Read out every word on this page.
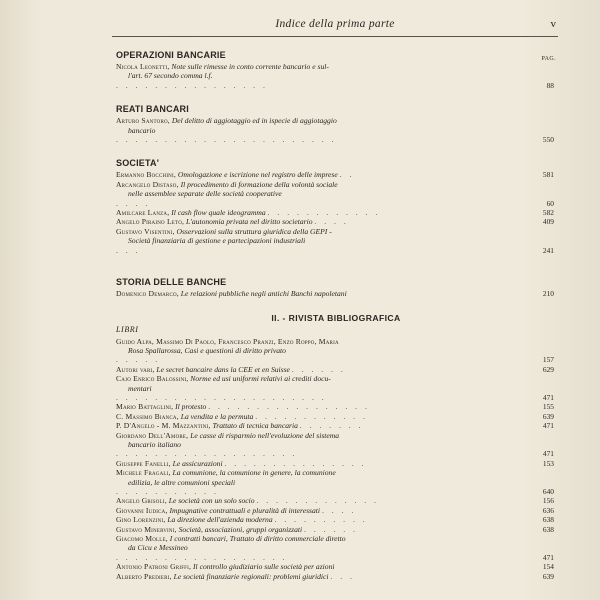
Indice della prima parte	v
OPERAZIONI BANCARIE	PAG.
Nicola Leonetti, Note sulle rimesse in conto corrente bancario e sul-
l'art. 67 secondo comma l.f.
. . . . . . . . . . . . . . . .	88
REATI BANCARI
Arturo Santoro, Del delitto di aggiotaggio ed in ispecie di aggiotaggio
bancario
. . . . . . . . . . . . . . . . . . . . . . .	550
SOCIETA'
Ermanno Bocchini, Omologazione e iscrizione nel registro delle imprese . .	581
Arcangelo Distaso, Il procedimento di formazione della volontà sociale
nelle assemblee separate delle società cooperative
. . . .	60
Amilcare Lanza, Il cash flow quale ideogramma . . . . . . . . . . . .	582
Angelo Piraino Leto, L'autonomia privata nel diritto societario . . . .	409
Gustavo Visentini, Osservazioni sulla struttura giuridica della GEPI -
Società finanziaria di gestione e partecipazioni industriali
. . .	241
STORIA DELLE BANCHE
Domenico Demarco, Le relazioni pubbliche negli antichi Banchi napoletani	210
II. - RIVISTA BIBLIOGRAFICA
LIBRI
Guido Alpa, Massimo Di Paolo, Francesco Pranzi, Enzo Roppo, Maria
Rosa Spallarossa, Casi e questioni di diritto privato
. . . . .	157
Autori vari, Le secret bancaire dans la CEE et en Suisse . . . . . .	629
Cajo Enrico Balossini, Norme ed usi uniformi relativi ai crediti docu-
mentari
. . . . . . . . . . . . . . . . . . . . . .	471
Mario Battaglini, Il protesto . . . . . . . . . . . . . . . . .	155
C. Massimo Bianca, La vendita e la permuta . . . . . . . . . . . .	639
P. D'Angelo - M. Mazzantini, Trattato di tecnica bancaria . . . . . . .	471
Giordano Dell'Amore, Le casse di risparmio nell'evoluzione del sistema
bancario italiano
. . . . . . . . . . . . . . . . . . .	471
Giuseppe Fanelli, Le assicurazioni . . . . . . . . . . . . . . .	153
Michele Fragali, La comunione, la comunione in genere, la comunione
edilizia, le altre comunioni speciali
. . . . . . . . . . .	640
Angelo Grisoli, Le società con un solo socio . . . . . . . . . . . . .	156
Giovanni Iudica, Impugnative contrattuali e pluralità di interessati . . . .	636
Gino Lorenzini, La direzione dell'azienda moderna . . . . . . . . . .	638
Gustavo Minervini, Società, associazioni, gruppi organizzati . . . . . .	638
Giacomo Molle, I contratti bancari, Trattato di diritto commerciale diretto
da Cicu e Messineo
. . . . . . . . . . . . . . . . . .	471
Antonio Patroni Griffi, Il controllo giudiziario sulle società per azioni	154
Alberto Predieri, Le società finanziarie regionali: problemi giuridici . . .	639
